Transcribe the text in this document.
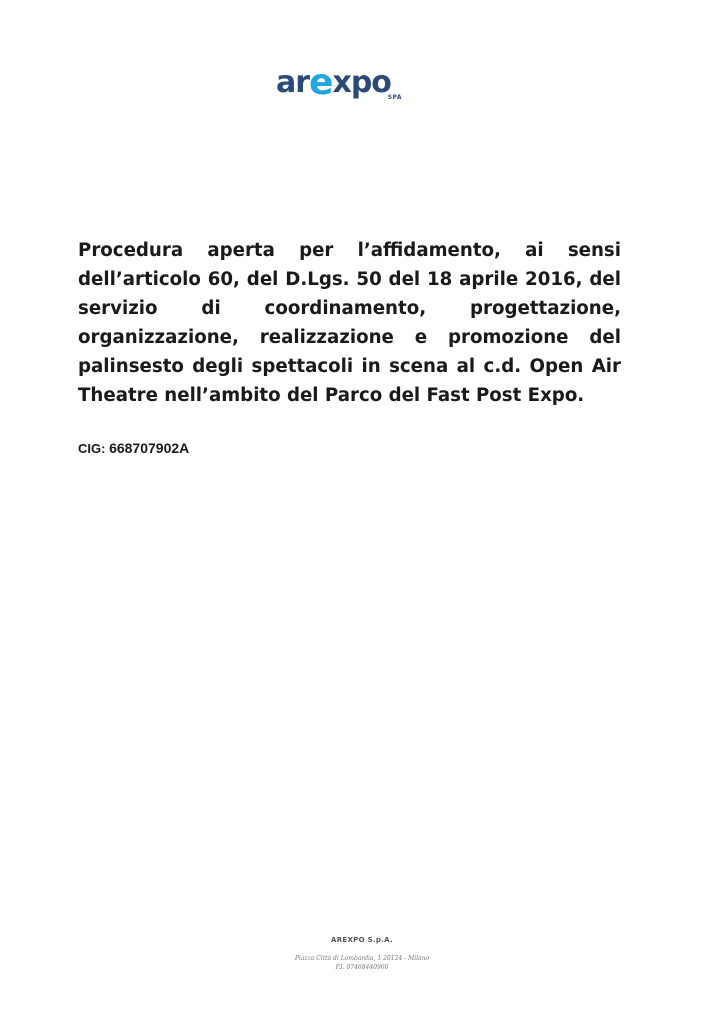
arexpo
SPA

Procedura aperta per l’affidamento, ai sensi dell’articolo 60, del D.Lgs. 50 del 18 aprile 2016, del servizio di coordinamento, progettazione, organizzazione, realizzazione e promozione del palinsesto degli spettacoli in scena al c.d. Open Air Theatre nell’ambito del Parco del Fast Post Expo.

CIG: 668707902A
AREXPO S.p.A.
Piazza Città di Lombardia, 1 20124 - Milano
P.I. 07468440966
